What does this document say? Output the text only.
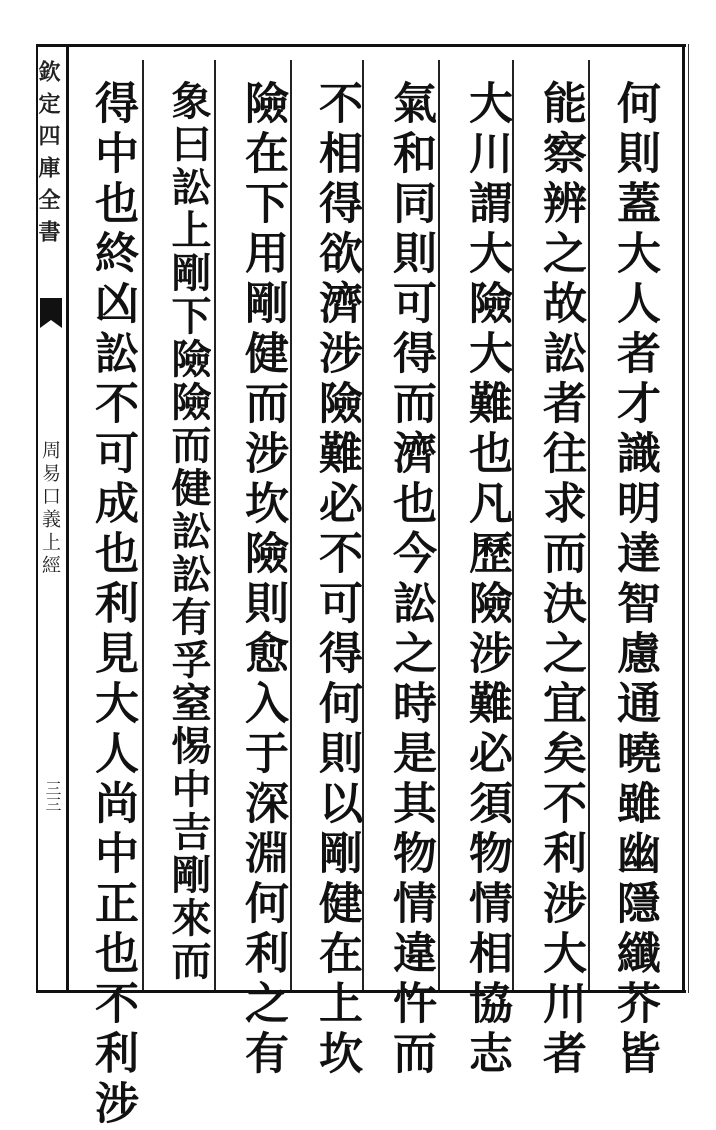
欽定四庫全書
周易口義上經
三三	何則蓋大人者才識明達智慮通曉雖幽隱纖芥皆
能察辨之故訟者往求而決之宜矣不利涉大川者
大川謂大險大難也凡歷險涉難必須物情相協志
氣和同則可得而濟也今訟之時是其物情違忤而
不相得欲濟涉險難必不可得何則以剛健在上坎
險在下用剛健而涉坎險則愈入于深淵何利之有
象曰訟上剛下險險而健訟訟有孚窒惕中吉剛來而
得中也終凶訟不可成也利見大人尚中正也不利涉
